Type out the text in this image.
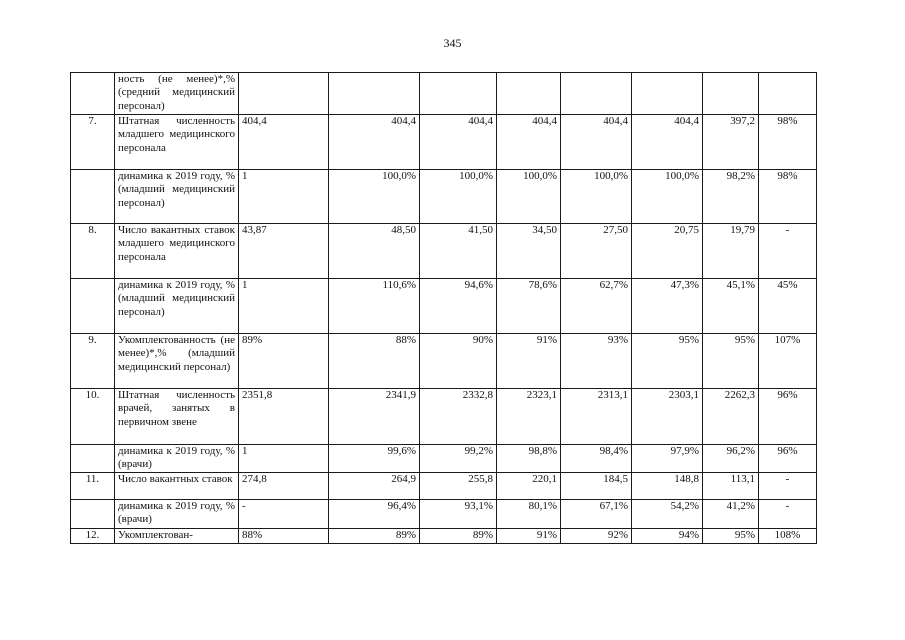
345
	ность (не менее)*,% (средний медицинский персонал)								
7.	Штатная численность младшего медицинского персонала	404,4	404,4	404,4	404,4	404,4	404,4	397,2	98%
	динамика к 2019 году, % (младший медицинский персонал)	1	100,0%	100,0%	100,0%	100,0%	100,0%	98,2%	98%
8.	Число вакантных ставок младшего медицинского персонала	43,87	48,50	41,50	34,50	27,50	20,75	19,79	-
	динамика к 2019 году, % (младший медицинский персонал)	1	110,6%	94,6%	78,6%	62,7%	47,3%	45,1%	45%
9.	Укомплектованность (не менее)*,% (младший медицинский персонал)	89%	88%	90%	91%	93%	95%	95%	107%
10.	Штатная численность врачей, занятых в первичном звене	2351,8	2341,9	2332,8	2323,1	2313,1	2303,1	2262,3	96%
	динамика к 2019 году, % (врачи)	1	99,6%	99,2%	98,8%	98,4%	97,9%	96,2%	96%
11.	Число вакантных ставок	274,8	264,9	255,8	220,1	184,5	148,8	113,1	-
	динамика к 2019 году, % (врачи)	-	96,4%	93,1%	80,1%	67,1%	54,2%	41,2%	-
12.	Укомплектован-	88%	89%	89%	91%	92%	94%	95%	108%
